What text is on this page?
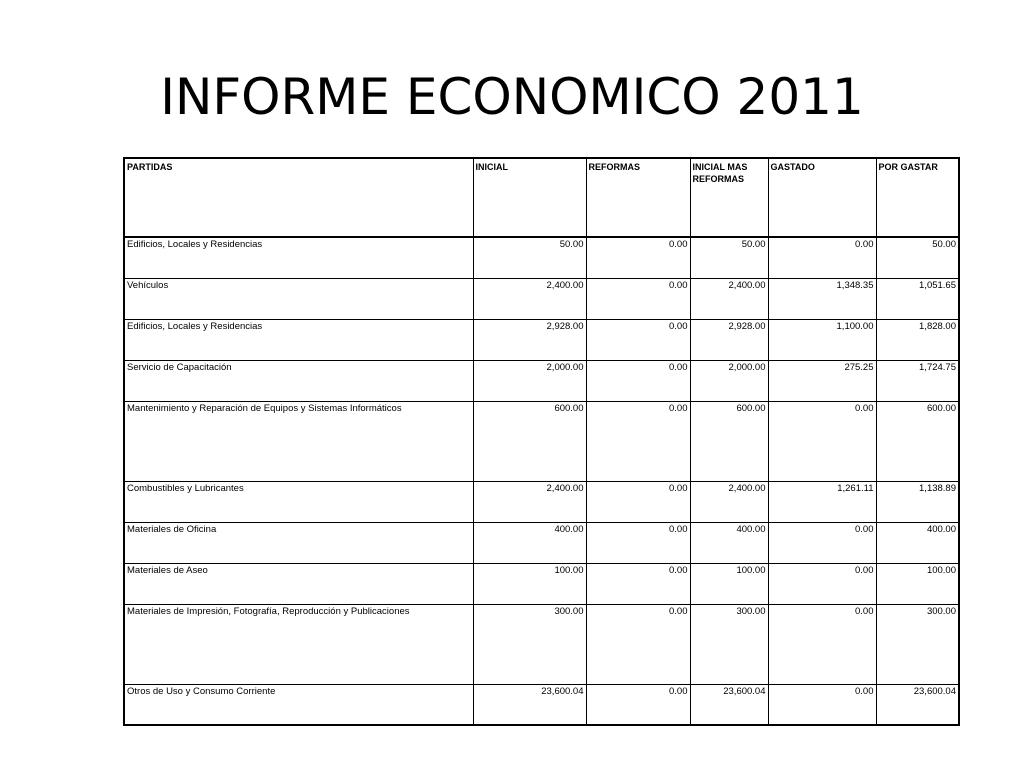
INFORME ECONOMICO 2011
PARTIDAS	INICIAL	REFORMAS	INICIAL MAS REFORMAS	GASTADO	POR GASTAR
Edificios, Locales y Residencias	50.00	0.00	50.00	0.00	50.00
Vehículos	2,400.00	0.00	2,400.00	1,348.35	1,051.65
Edificios, Locales y Residencias	2,928.00	0.00	2,928.00	1,100.00	1,828.00
Servicio de Capacitación	2,000.00	0.00	2,000.00	275.25	1,724.75
Mantenimiento y Reparación de Equipos y Sistemas Informáticos	600.00	0.00	600.00	0.00	600.00
Combustibles y Lubricantes	2,400.00	0.00	2,400.00	1,261.11	1,138.89
Materiales de Oficina	400.00	0.00	400.00	0.00	400.00
Materiales de Aseo	100.00	0.00	100.00	0.00	100.00
Materiales de Impresión, Fotografía, Reproducción y Publicaciones	300.00	0.00	300.00	0.00	300.00
Otros de Uso y Consumo Corriente	23,600.04	0.00	23,600.04	0.00	23,600.04
